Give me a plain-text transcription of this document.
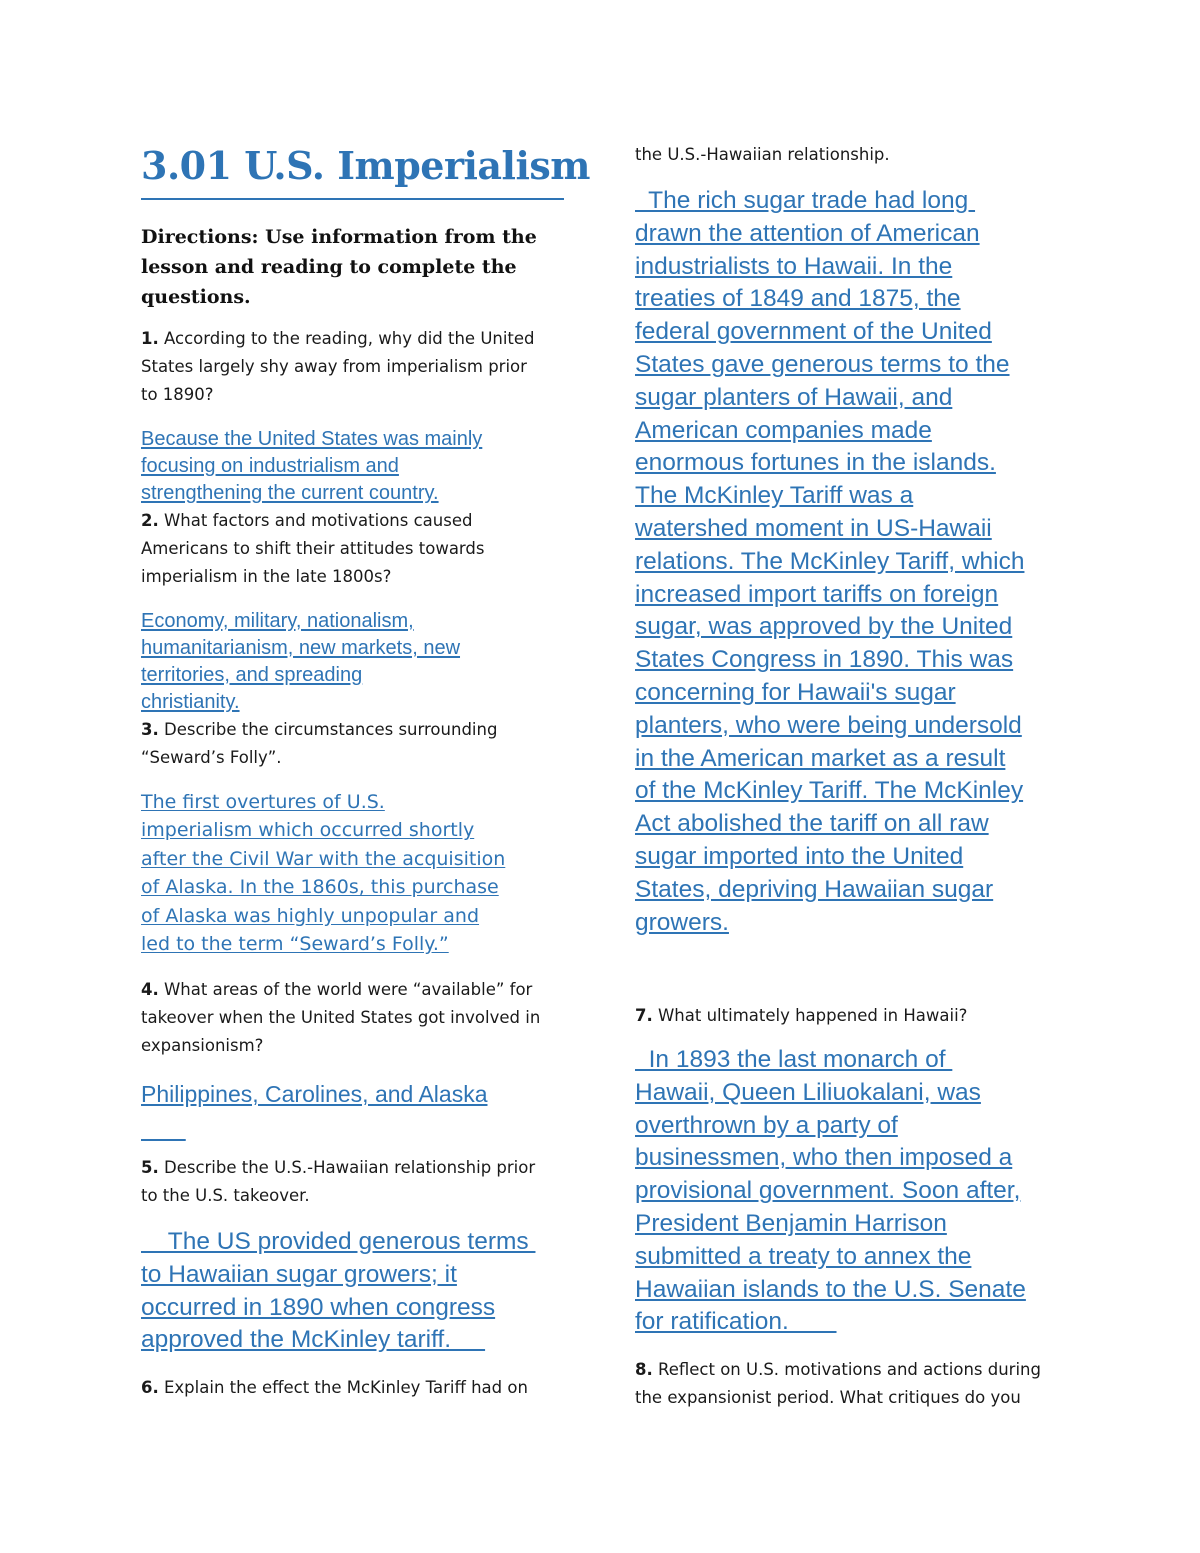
3.01 U.S. Imperialism
Directions: Use information from the
lesson and reading to complete the
questions.
1. According to the reading, why did the United
States largely shy away from imperialism prior
to 1890?
Because the United States was mainly
focusing on industrialism and
strengthening the current country.
2. What factors and motivations caused
Americans to shift their attitudes towards
imperialism in the late 1800s?
Economy, military, nationalism,
humanitarianism, new markets, new
territories, and spreading
christianity.
3. Describe the circumstances surrounding
“Seward’s Folly”.
The first overtures of U.S.
imperialism which occurred shortly
after the Civil War with the acquisition
of Alaska. In the 1860s, this purchase
of Alaska was highly unpopular and
led to the term “Seward’s Folly.”
4. What areas of the world were “available” for
takeover when the United States got involved in
expansionism?
Philippines, Carolines, and Alaska

5. Describe the U.S.-Hawaiian relationship prior
to the U.S. takeover.
The US provided generous terms
to Hawaiian sugar growers; it
occurred in 1890 when congress
approved the McKinley tariff.
6. Explain the effect the McKinley Tariff had on
the U.S.-Hawaiian relationship.
The rich sugar trade had long
drawn the attention of American
industrialists to Hawaii. In the
treaties of 1849 and 1875, the
federal government of the United
States gave generous terms to the
sugar planters of Hawaii, and
American companies made
enormous fortunes in the islands.
The McKinley Tariff was a
watershed moment in US-Hawaii
relations. The McKinley Tariff, which
increased import tariffs on foreign
sugar, was approved by the United
States Congress in 1890. This was
concerning for Hawaii's sugar
planters, who were being undersold
in the American market as a result
of the McKinley Tariff. The McKinley
Act abolished the tariff on all raw
sugar imported into the United
States, depriving Hawaiian sugar
growers.
7. What ultimately happened in Hawaii?
In 1893 the last monarch of
Hawaii, Queen Liliuokalani, was
overthrown by a party of
businessmen, who then imposed a
provisional government. Soon after,
President Benjamin Harrison
submitted a treaty to annex the
Hawaiian islands to the U.S. Senate
for ratification.
8. Reflect on U.S. motivations and actions during
the expansionist period. What critiques do you
